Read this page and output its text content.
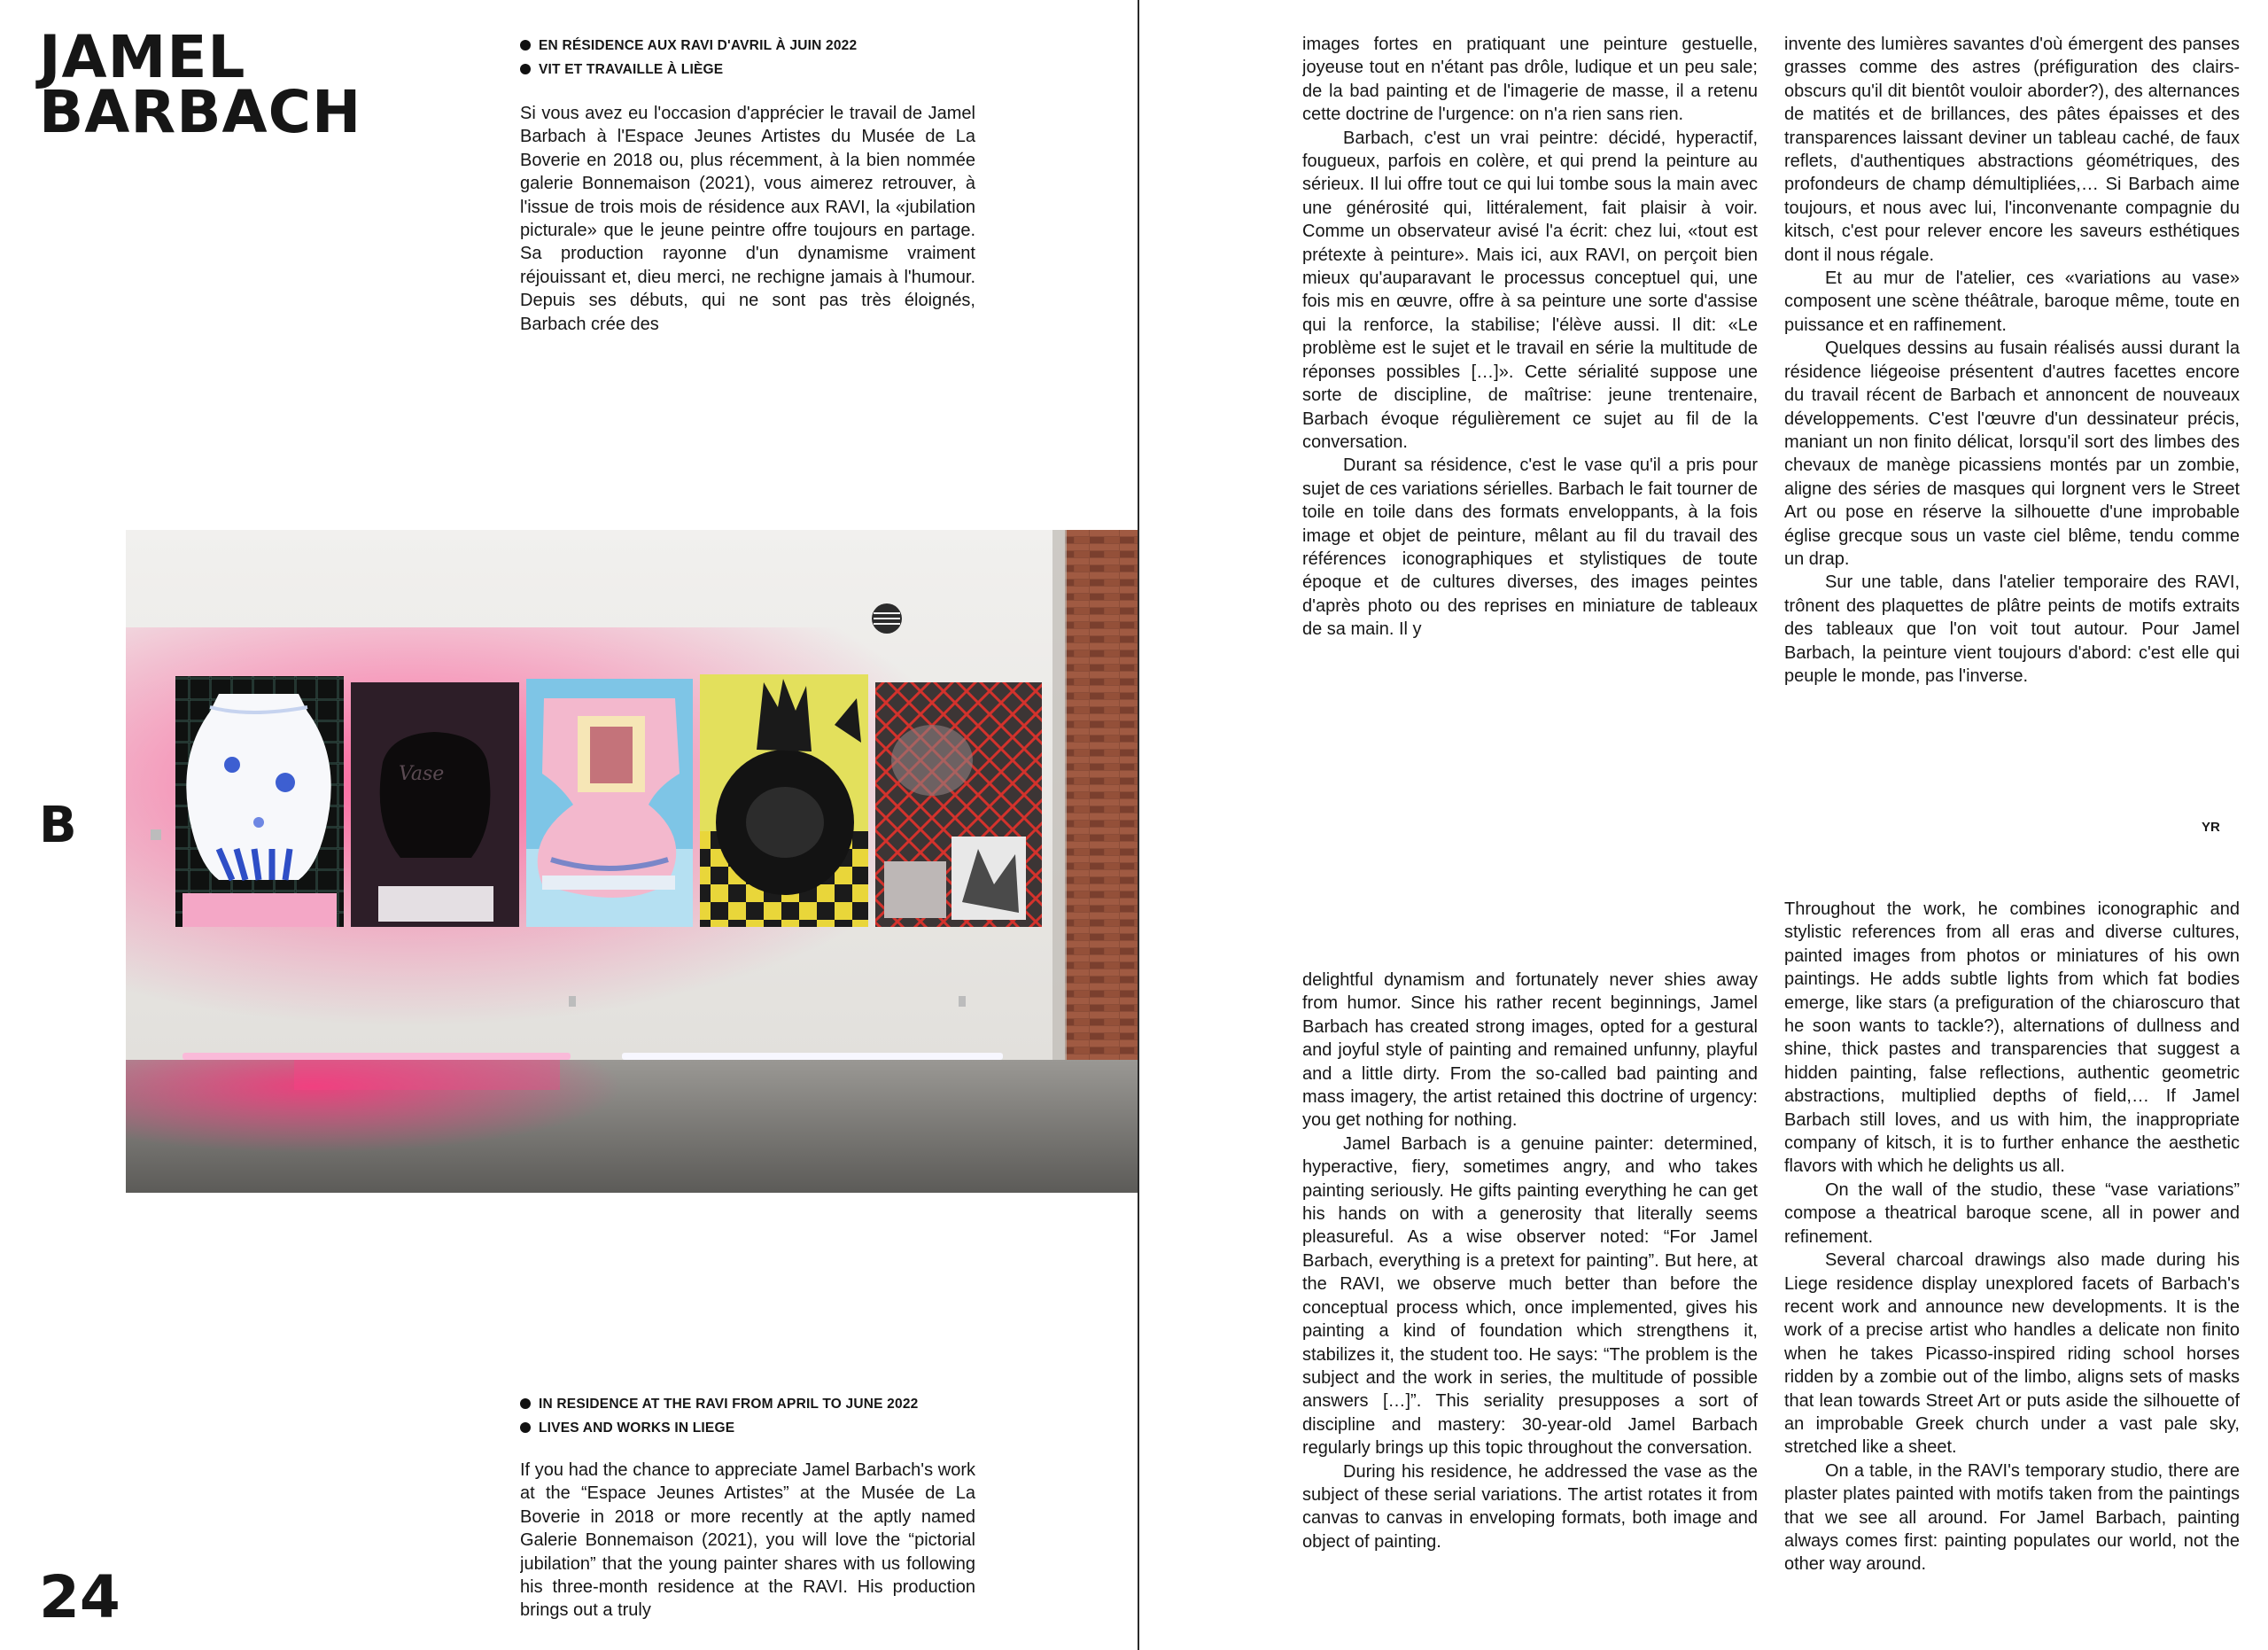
JAMEL
BARBACH
EN RÉSIDENCE AUX RAVI D'AVRIL À JUIN 2022
VIT ET TRAVAILLE À LIÈGE

Si vous avez eu l'occasion d'apprécier le travail de Jamel Barbach à l'Espace Jeunes Artistes du Musée de La Boverie en 2018 ou, plus récemment, à la bien nommée galerie Bonnemaison (2021), vous aimerez retrouver, à l'issue de trois mois de résidence aux RAVI, la «jubilation picturale» que le jeune peintre offre toujours en partage. Sa production rayonne d'un dynamisme vraiment réjouissant et, dieu merci, ne rechigne jamais à l'humour. Depuis ses débuts, qui ne sont pas très éloignés, Barbach crée des

B
Vase
IN RESIDENCE AT THE RAVI FROM APRIL TO JUNE 2022
LIVES AND WORKS IN LIEGE

If you had the chance to appreciate Jamel Barbach's work at the “Espace Jeunes Artistes” at the Musée de La Boverie in 2018 or more recently at the aptly named Galerie Bonnemaison (2021), you will love the “pictorial jubilation” that the young painter shares with us following his three-month residence at the RAVI. His production brings out a truly

24

images fortes en pratiquant une peinture gestuelle, joyeuse tout en n'étant pas drôle, ludique et un peu sale; de la bad painting et de l'imagerie de masse, il a retenu cette doctrine de l'urgence: on n'a rien sans rien.

Barbach, c'est un vrai peintre: décidé, hyperactif, fougueux, parfois en colère, et qui prend la peinture au sérieux. Il lui offre tout ce qui lui tombe sous la main avec une générosité qui, littéralement, fait plaisir à voir. Comme un observateur avisé l'a écrit: chez lui, «tout est prétexte à peinture». Mais ici, aux RAVI, on perçoit bien mieux qu'auparavant le processus conceptuel qui, une fois mis en œuvre, offre à sa peinture une sorte d'assise qui la renforce, la stabilise; l'élève aussi. Il dit: «Le problème est le sujet et le travail en série la multitude de réponses possibles […]». Cette sérialité suppose une sorte de discipline, de maîtrise: jeune trentenaire, Barbach évoque régulièrement ce sujet au fil de la conversation.

Durant sa résidence, c'est le vase qu'il a pris pour sujet de ces variations sérielles. Barbach le fait tourner de toile en toile dans des formats enveloppants, à la fois image et objet de peinture, mêlant au fil du travail des références iconographiques et stylistiques de toute époque et de cultures diverses, des images peintes d'après photo ou des reprises en miniature de tableaux de sa main. Il y

invente des lumières savantes d'où émergent des panses grasses comme des astres (préfiguration des clairs-obscurs qu'il dit bientôt vouloir aborder?), des alternances de matités et de brillances, des pâtes épaisses et des transparences laissant deviner un tableau caché, de faux reflets, d'authentiques abstractions géométriques, des profondeurs de champ démultipliées,… Si Barbach aime toujours, et nous avec lui, l'inconvenante compagnie du kitsch, c'est pour relever encore les saveurs esthétiques dont il nous régale.

Et au mur de l'atelier, ces «variations au vase» composent une scène théâtrale, baroque même, toute en puissance et en raffinement.

Quelques dessins au fusain réalisés aussi durant la résidence liégeoise présentent d'autres facettes encore du travail récent de Barbach et annoncent de nouveaux développements. C'est l'œuvre d'un dessinateur précis, maniant un non finito délicat, lorsqu'il sort des limbes des chevaux de manège picassiens montés par un zombie, aligne des séries de masques qui lorgnent vers le Street Art ou pose en réserve la silhouette d'une improbable église grecque sous un vaste ciel blême, tendu comme un drap.

Sur une table, dans l'atelier temporaire des RAVI, trônent des plaquettes de plâtre peints de motifs extraits des tableaux que l'on voit tout autour. Pour Jamel Barbach, la peinture vient toujours d'abord: c'est elle qui peuple le monde, pas l'inverse.

YR

delightful dynamism and fortunately never shies away from humor. Since his rather recent beginnings, Jamel Barbach has created strong images, opted for a gestural and joyful style of painting and remained unfunny, playful and a little dirty. From the so-called bad painting and mass imagery, the artist retained this doctrine of urgency: you get nothing for nothing.

Jamel Barbach is a genuine painter: determined, hyperactive, fiery, sometimes angry, and who takes painting seriously. He gifts painting everything he can get his hands on with a generosity that literally seems pleasureful. As a wise observer noted: “For Jamel Barbach, everything is a pretext for painting”. But here, at the RAVI, we observe much better than before the conceptual process which, once implemented, gives his painting a kind of foundation which strengthens it, stabilizes it, the student too. He says: “The problem is the subject and the work in series, the multitude of possible answers […]”. This seriality presupposes a sort of discipline and mastery: 30-year-old Jamel Barbach regularly brings up this topic throughout the conversation.

During his residence, he addressed the vase as the subject of these serial variations. The artist rotates it from canvas to canvas in enveloping formats, both image and object of painting.

Throughout the work, he combines iconographic and stylistic references from all eras and diverse cultures, painted images from photos or miniatures of his own paintings. He adds subtle lights from which fat bodies emerge, like stars (a prefiguration of the chiaroscuro that he soon wants to tackle?), alternations of dullness and shine, thick pastes and transparencies that suggest a hidden painting, false reflections, authentic geometric abstractions, multiplied depths of field,… If Jamel Barbach still loves, and us with him, the inappropriate company of kitsch, it is to further enhance the aesthetic flavors with which he delights us all.

On the wall of the studio, these “vase variations” compose a theatrical baroque scene, all in power and refinement.

Several charcoal drawings also made during his Liege residence display unexplored facets of Barbach's recent work and announce new developments. It is the work of a precise artist who handles a delicate non finito when he takes Picasso-inspired riding school horses ridden by a zombie out of the limbo, aligns sets of masks that lean towards Street Art or puts aside the silhouette of an improbable Greek church under a vast pale sky, stretched like a sheet.

On a table, in the RAVI's temporary studio, there are plaster plates painted with motifs taken from the paintings that we see all around. For Jamel Barbach, painting always comes first: painting populates our world, not the other way around.
